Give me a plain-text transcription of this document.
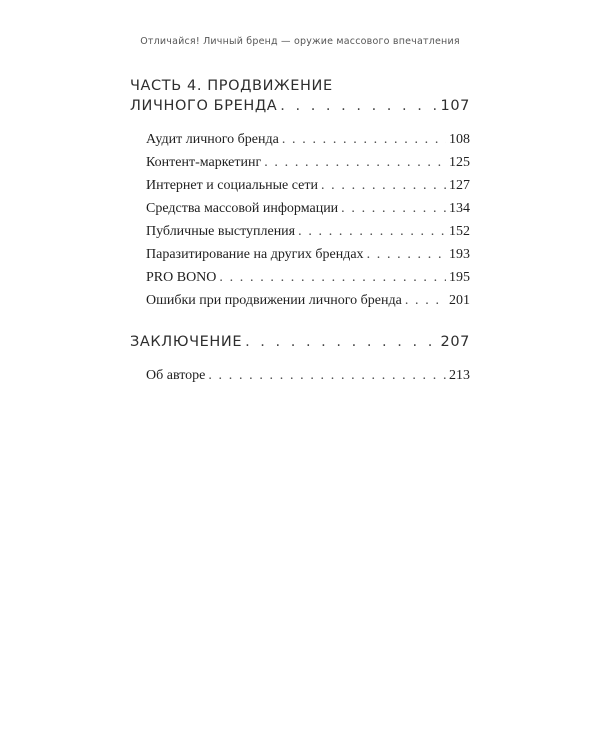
Отличайся! Личный бренд — оружие массового впечатления
ЧАСТЬ 4. ПРОДВИЖЕНИЕ
ЛИЧНОГО БРЕНДА . . .	107
Аудит личного бренда . . .	108
Контент-маркетинг . . .	125
Интернет и социальные сети . . .	127
Средства массовой информации . . .	134
Публичные выступления . . .	152
Паразитирование на других брендах . . .	193
PRO BONO . . .	195
Ошибки при продвижении личного бренда . . .	201
ЗАКЛЮЧЕНИЕ . . .	207
Об авторе . . .	213
